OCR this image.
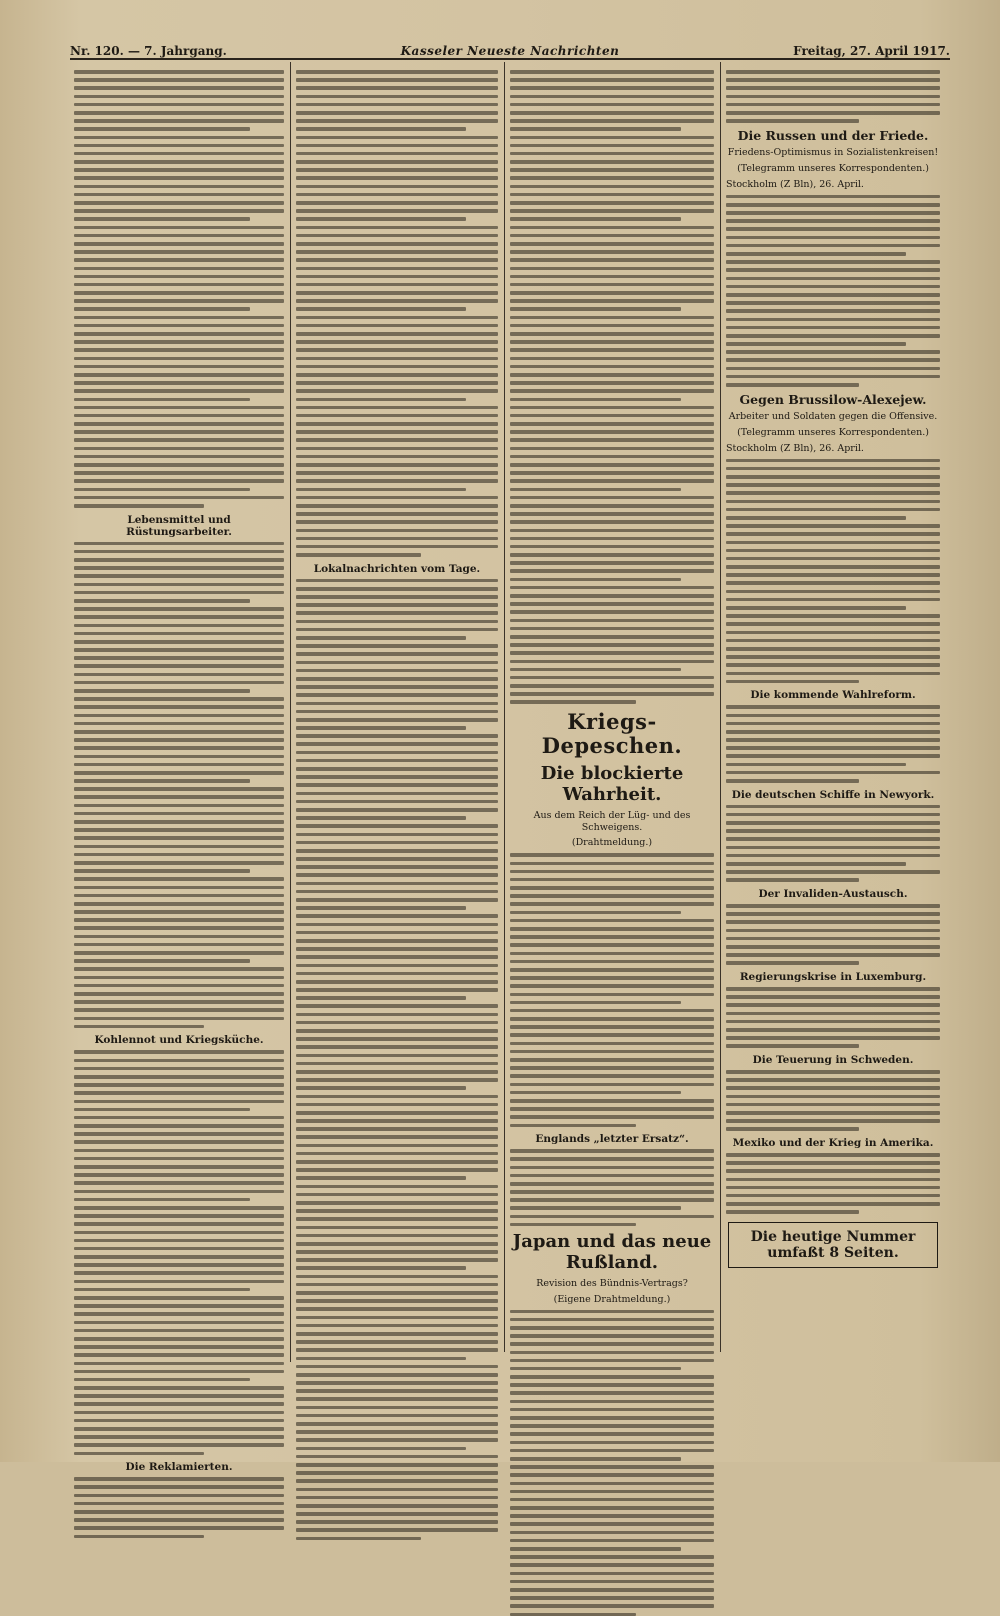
Nr. 120. — 7. Jahrgang.	Kasseler Neueste Nachrichten	Freitag, 27. April 1917.
Lebensmittel und Rüstungsarbeiter.
Kohlennot und Kriegsküche.
Die Reklamierten.
Lokalnachrichten vom Tage.
Kriegs-Depeschen.
Die blockierte Wahrheit.
Aus dem Reich der Lüg- und des Schweigens.
(Drahtmeldung.)
Englands „letzter Ersatz“.
Japan und das neue Rußland.
Revision des Bündnis-Vertrags?
(Eigene Drahtmeldung.)
Die Russen und der Friede.
Friedens-Optimismus in Sozialistenkreisen!
(Telegramm unseres Korrespondenten.)
Stockholm (Z Bln), 26. April.
Gegen Brussilow-Alexejew.
Arbeiter und Soldaten gegen die Offensive.
(Telegramm unseres Korrespondenten.)
Stockholm (Z Bln), 26. April.
Die kommende Wahlreform.
Die deutschen Schiffe in Newyork.
Der Invaliden-Austausch.
Regierungskrise in Luxemburg.
Die Teuerung in Schweden.
Mexiko und der Krieg in Amerika.
Die heutige Nummer umfaßt 8 Seiten.
